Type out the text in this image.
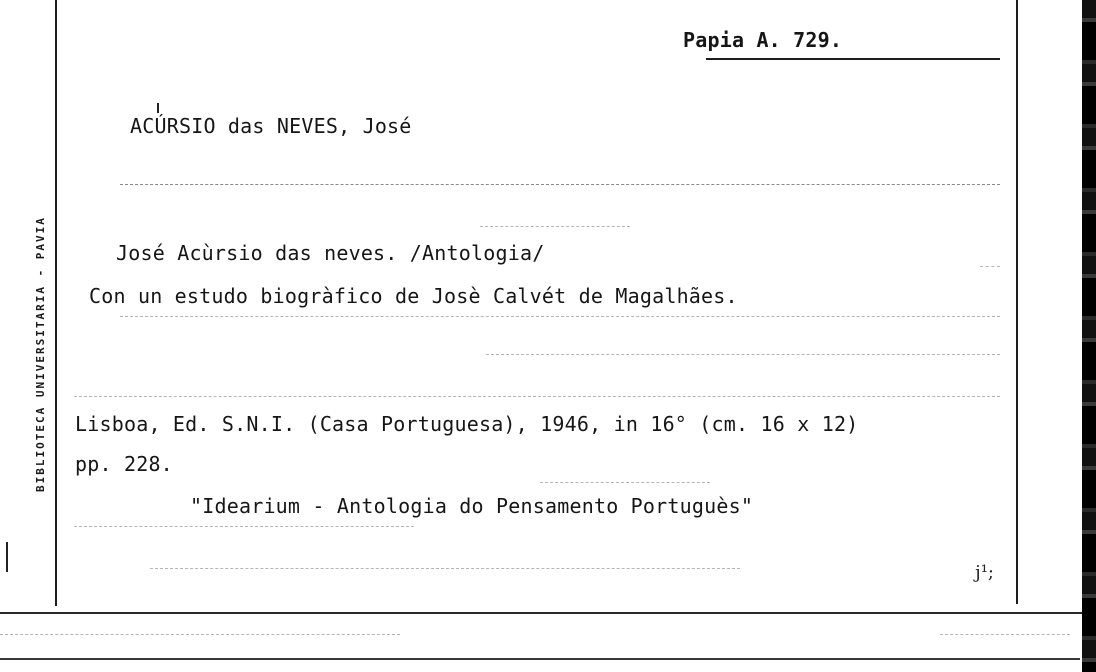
BIBLIOTECA UNIVERSITARIA - PAVIA
Papia A. 729.
ACÚRSIO das NEVES, José
José Acùrsio das neves. /Antologia/
Con un estudo biogràfico de Josè Calvét de Magalhães.
Lisboa, Ed. S.N.I. (Casa Portuguesa), 1946, in 16° (cm. 16 x 12)
pp. 228.
"Idearium - Antologia do Pensamento Portuguès"
j¹;
